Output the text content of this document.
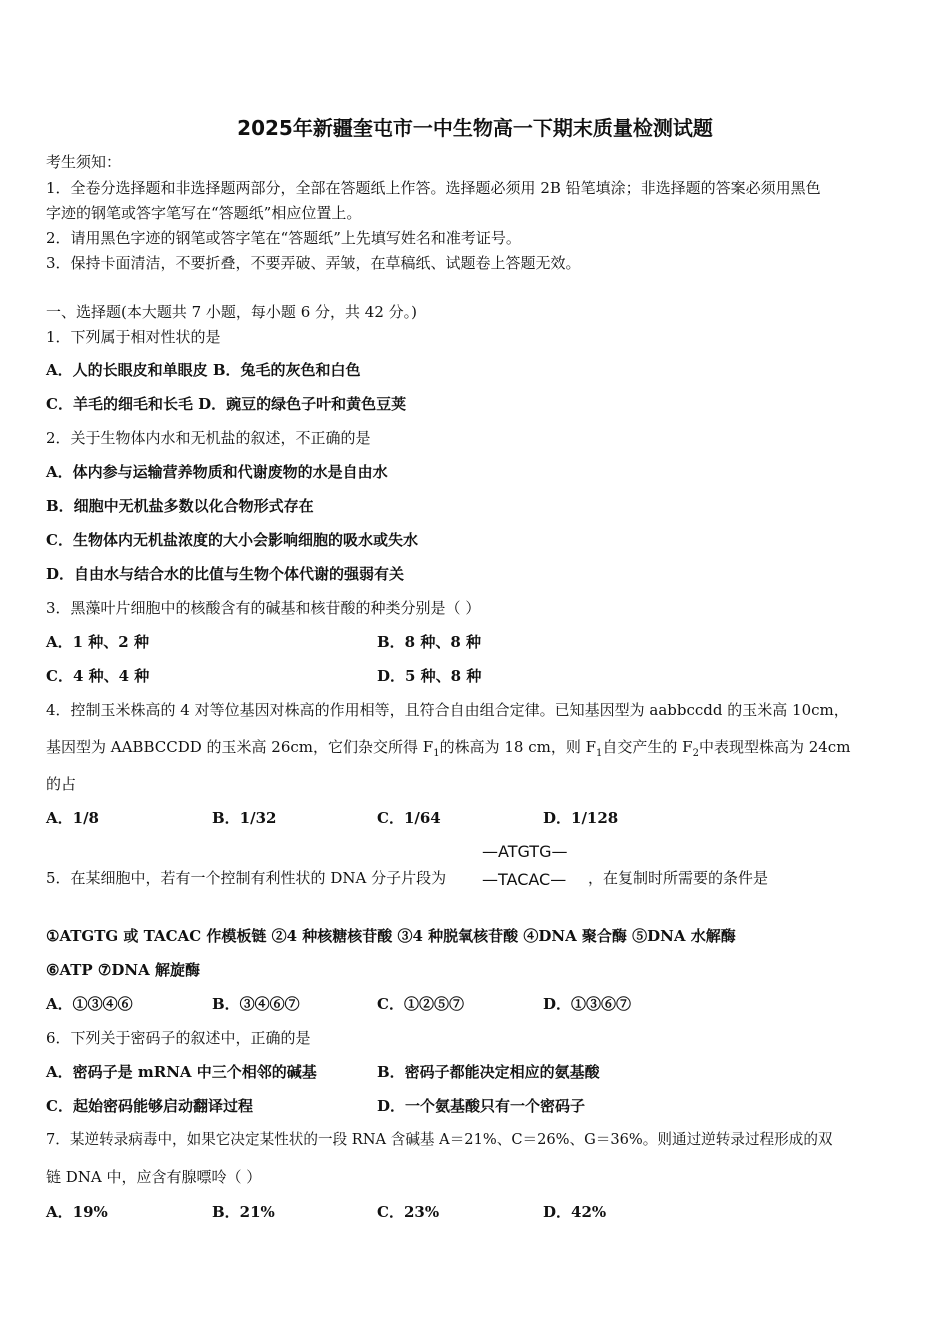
2025年新疆奎屯市一中生物高一下期末质量检测试题
考生须知：
1．全卷分选择题和非选择题两部分，全部在答题纸上作答。选择题必须用 2B 铅笔填涂；非选择题的答案必须用黑色
字迹的钢笔或答字笔写在“答题纸”相应位置上。
2．请用黑色字迹的钢笔或答字笔在“答题纸”上先填写姓名和准考证号。
3．保持卡面清洁，不要折叠，不要弄破、弄皱，在草稿纸、试题卷上答题无效。
一、选择题(本大题共 7 小题，每小题 6 分，共 42 分。)
1．下列属于相对性状的是
A．人的长眼皮和单眼皮 B．兔毛的灰色和白色
C．羊毛的细毛和长毛 D．豌豆的绿色子叶和黄色豆荚
2．关于生物体内水和无机盐的叙述，不正确的是
A．体内参与运输营养物质和代谢废物的水是自由水
B．细胞中无机盐多数以化合物形式存在
C．生物体内无机盐浓度的大小会影响细胞的吸水或失水
D．自由水与结合水的比值与生物个体代谢的强弱有关
3．黑藻叶片细胞中的核酸含有的碱基和核苷酸的种类分别是（ ）
A．1 种、2 种	B．8 种、8 种
C．4 种、4 种	D．5 种、8 种
4．控制玉米株高的 4 对等位基因对株高的作用相等，且符合自由组合定律。已知基因型为 aabbccdd 的玉米高 10cm，
基因型为 AABBCCDD 的玉米高 26cm，它们杂交所得 $F_1$的株高为 18 cm，则 $F_1$自交产生的 $F_2$中表现型株高为 24cm
的占
A．1/8	B．1/32	C．1/64	D．1/128
5．在某细胞中，若有一个控制有利性状的 DNA 分子片段为
—ATGTG—
—TACAC— ，在复制时所需要的条件是
①ATGTG 或 TACAC 作模板链 ②4 种核糖核苷酸 ③4 种脱氧核苷酸 ④DNA 聚合酶 ⑤DNA 水解酶
⑥ATP ⑦DNA 解旋酶
A．①③④⑥	B．③④⑥⑦	C．①②⑤⑦	D．①③⑥⑦
6．下列关于密码子的叙述中，正确的是
A．密码子是 mRNA 中三个相邻的碱基	B．密码子都能决定相应的氨基酸
C．起始密码能够启动翻译过程	D．一个氨基酸只有一个密码子
7．某逆转录病毒中，如果它决定某性状的一段 RNA 含碱基 A＝21%、C＝26%、G＝36%。则通过逆转录过程形成的双
链 DNA 中，应含有腺嘌呤（ ）
A．19%	B．21%	C．23%	D．42%
